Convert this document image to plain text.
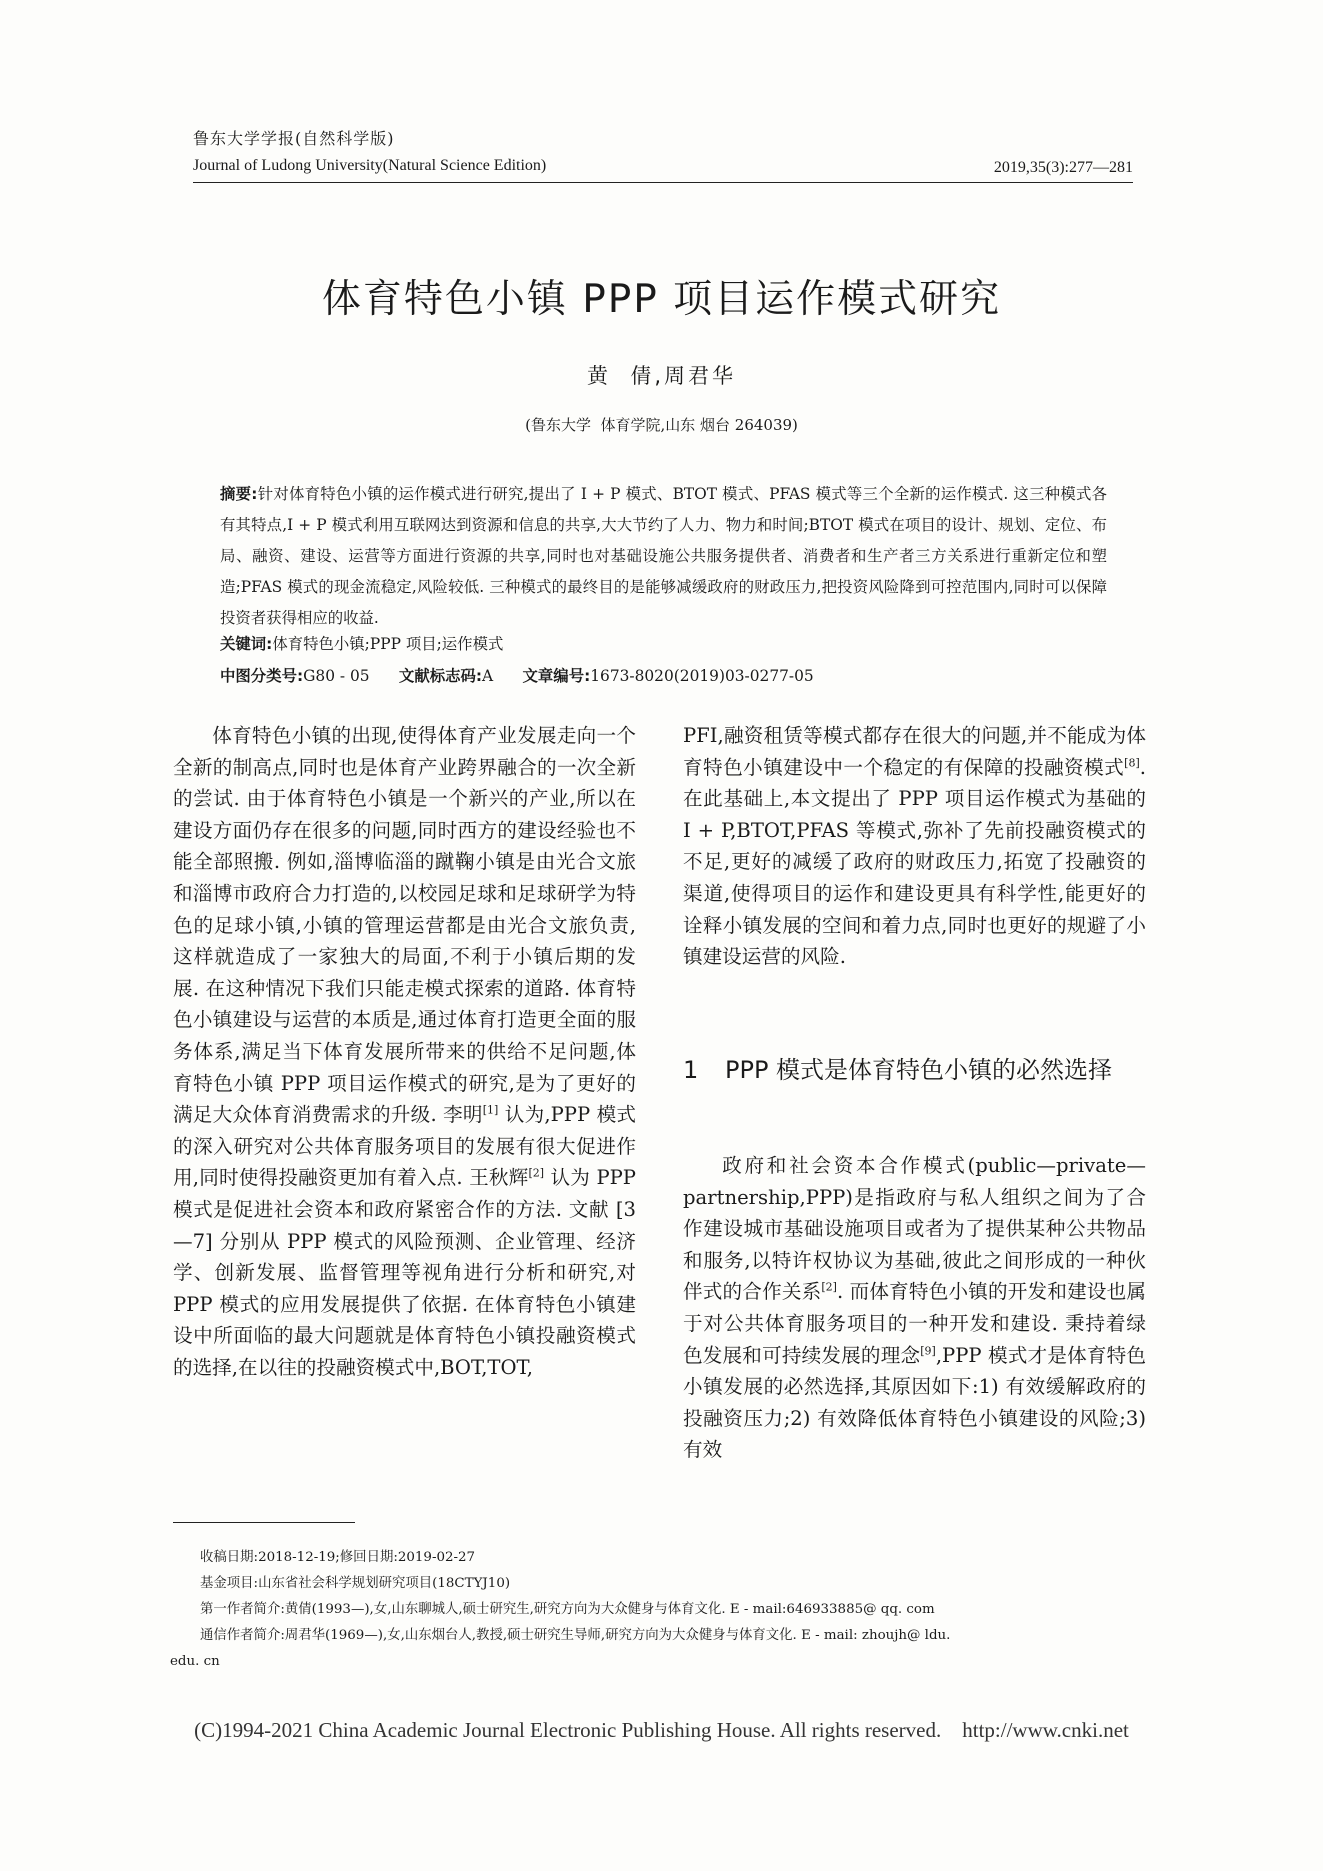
鲁东大学学报(自然科学版)
Journal of Ludong University(Natural Science Edition)	2019,35(3):277—281
体育特色小镇 PPP 项目运作模式研究
黄  倩,周君华
(鲁东大学  体育学院,山东 烟台 264039)
摘要:针对体育特色小镇的运作模式进行研究,提出了 I + P 模式、BTOT 模式、PFAS 模式等三个全新的运作模式. 这三种模式各有其特点,I + P 模式利用互联网达到资源和信息的共享,大大节约了人力、物力和时间;BTOT 模式在项目的设计、规划、定位、布局、融资、建设、运营等方面进行资源的共享,同时也对基础设施公共服务提供者、消费者和生产者三方关系进行重新定位和塑造;PFAS 模式的现金流稳定,风险较低. 三种模式的最终目的是能够减缓政府的财政压力,把投资风险降到可控范围内,同时可以保障投资者获得相应的收益.
关键词:体育特色小镇;PPP 项目;运作模式
中图分类号:G80 - 05 文献标志码:A 文章编号:1673-8020(2019)03-0277-05

体育特色小镇的出现,使得体育产业发展走向一个全新的制高点,同时也是体育产业跨界融合的一次全新的尝试. 由于体育特色小镇是一个新兴的产业,所以在建设方面仍存在很多的问题,同时西方的建设经验也不能全部照搬. 例如,淄博临淄的蹴鞠小镇是由光合文旅和淄博市政府合力打造的,以校园足球和足球研学为特色的足球小镇,小镇的管理运营都是由光合文旅负责,这样就造成了一家独大的局面,不利于小镇后期的发展. 在这种情况下我们只能走模式探索的道路. 体育特色小镇建设与运营的本质是,通过体育打造更全面的服务体系,满足当下体育发展所带来的供给不足问题,体育特色小镇 PPP 项目运作模式的研究,是为了更好的满足大众体育消费需求的升级. 李明[1] 认为,PPP 模式的深入研究对公共体育服务项目的发展有很大促进作用,同时使得投融资更加有着入点. 王秋辉[2] 认为 PPP 模式是促进社会资本和政府紧密合作的方法. 文献 [3—7] 分别从 PPP 模式的风险预测、企业管理、经济学、创新发展、监督管理等视角进行分析和研究,对 PPP 模式的应用发展提供了依据. 在体育特色小镇建设中所面临的最大问题就是体育特色小镇投融资模式的选择,在以往的投融资模式中,BOT,TOT,

PFI,融资租赁等模式都存在很大的问题,并不能成为体育特色小镇建设中一个稳定的有保障的投融资模式[8]. 在此基础上,本文提出了 PPP 项目运作模式为基础的 I + P,BTOT,PFAS 等模式,弥补了先前投融资模式的不足,更好的减缓了政府的财政压力,拓宽了投融资的渠道,使得项目的运作和建设更具有科学性,能更好的诠释小镇发展的空间和着力点,同时也更好的规避了小镇建设运营的风险.

1 PPP 模式是体育特色小镇的必然选择

政府和社会资本合作模式(public—private—partnership,PPP)是指政府与私人组织之间为了合作建设城市基础设施项目或者为了提供某种公共物品和服务,以特许权协议为基础,彼此之间形成的一种伙伴式的合作关系[2]. 而体育特色小镇的开发和建设也属于对公共体育服务项目的一种开发和建设. 秉持着绿色发展和可持续发展的理念[9],PPP 模式才是体育特色小镇发展的必然选择,其原因如下:1) 有效缓解政府的投融资压力;2) 有效降低体育特色小镇建设的风险;3) 有效

收稿日期:2018-12-19;修回日期:2019-02-27
基金项目:山东省社会科学规划研究项目(18CTYJ10)
第一作者简介:黄倩(1993—),女,山东聊城人,硕士研究生,研究方向为大众健身与体育文化. E - mail:646933885@ qq. com
通信作者简介:周君华(1969—),女,山东烟台人,教授,硕士研究生导师,研究方向为大众健身与体育文化. E - mail: zhoujh@ ldu.
edu. cn
(C)1994-2021 China Academic Journal Electronic Publishing House. All rights reserved.    http://www.cnki.net
